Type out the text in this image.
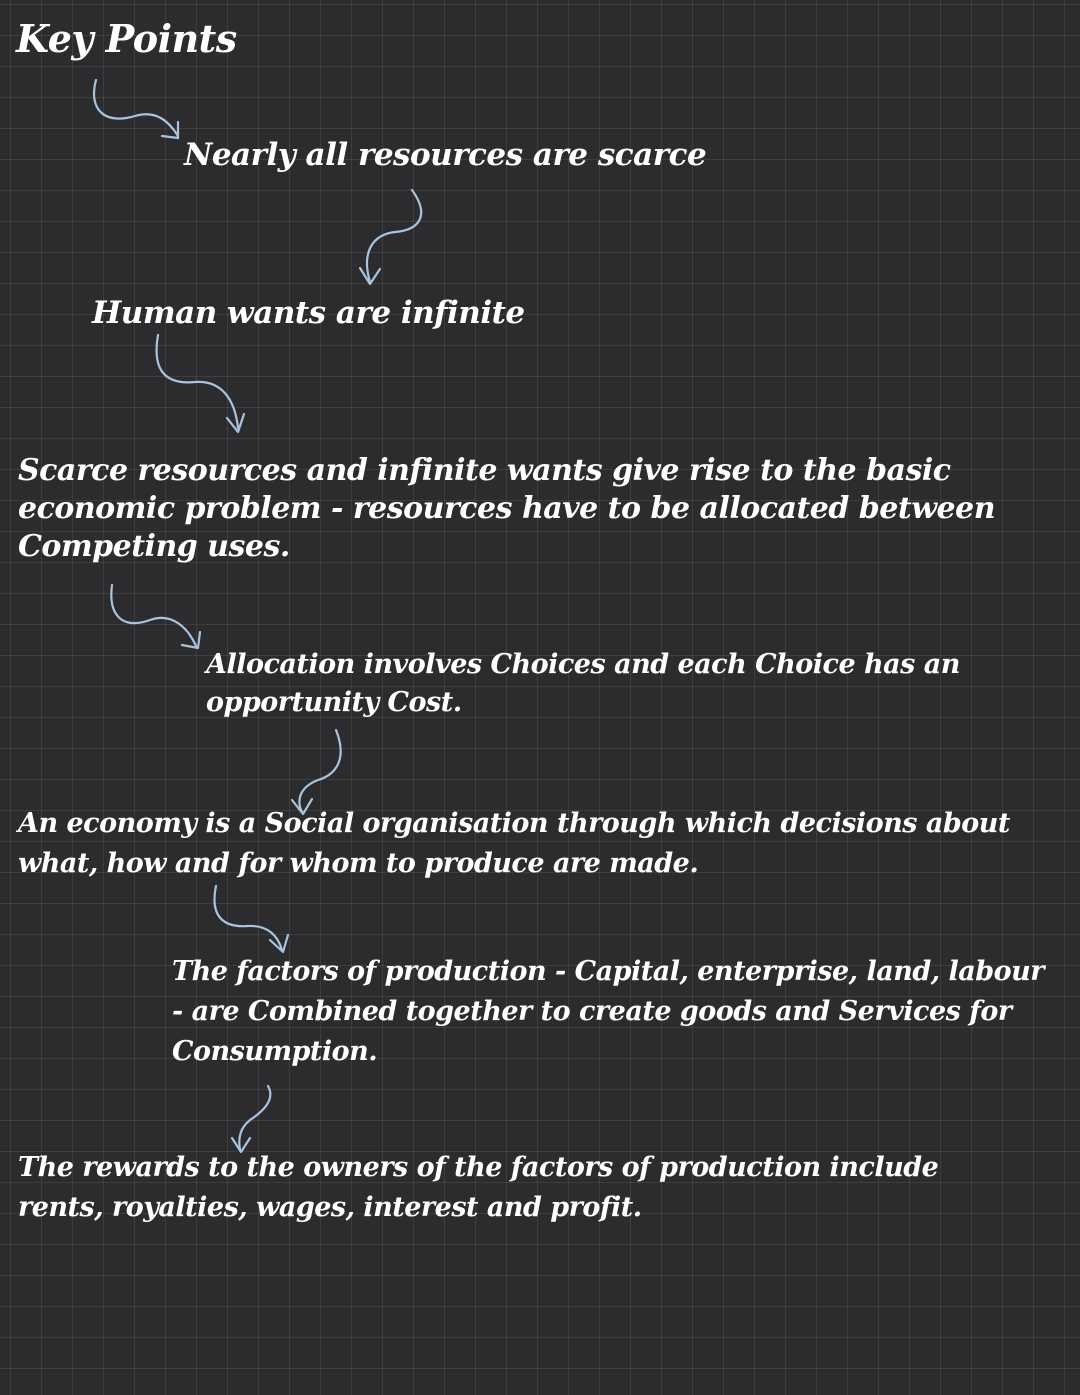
Key Points

Nearly all resources are scarce

Human wants are infinite

Scarce resources and infinite wants give rise to the basic
economic problem - resources have to be allocated between
Competing uses.

Allocation involves Choices and each Choice has an
opportunity Cost.

An economy is a Social organisation through which decisions about
what, how and for whom to produce are made.

The factors of production - Capital, enterprise, land, labour
- are Combined together to create goods and Services for
Consumption.

The rewards to the owners of the factors of production include
rents, royalties, wages, interest and profit.
